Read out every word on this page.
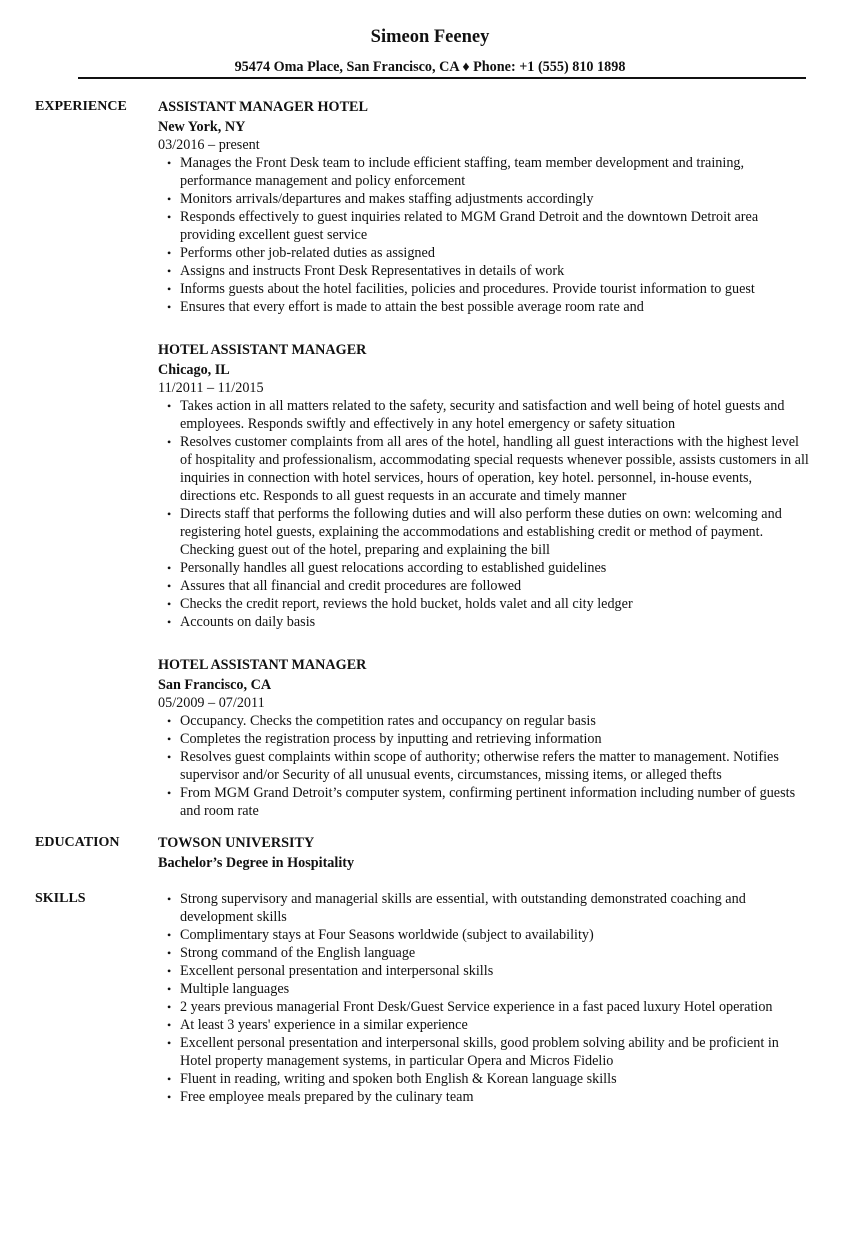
Simeon Feeney
95474 Oma Place, San Francisco, CA ♦ Phone: +1 (555) 810 1898
EXPERIENCE ASSISTANT MANAGER HOTEL
New York, NY
03/2016 – present
• Manages the Front Desk team to include efficient staffing, team member development and training, performance management and policy enforcement
• Monitors arrivals/departures and makes staffing adjustments accordingly
• Responds effectively to guest inquiries related to MGM Grand Detroit and the downtown Detroit area providing excellent guest service
• Performs other job-related duties as assigned
• Assigns and instructs Front Desk Representatives in details of work
• Informs guests about the hotel facilities, policies and procedures. Provide tourist information to guest
• Ensures that every effort is made to attain the best possible average room rate and
HOTEL ASSISTANT MANAGER
Chicago, IL
11/2011 – 11/2015
• Takes action in all matters related to the safety, security and satisfaction and well being of hotel guests and employees. Responds swiftly and effectively in any hotel emergency or safety situation
• Resolves customer complaints from all ares of the hotel, handling all guest interactions with the highest level of hospitality and professionalism, accommodating special requests whenever possible, assists customers in all inquiries in connection with hotel services, hours of operation, key hotel. personnel, in-house events, directions etc. Responds to all guest requests in an accurate and timely manner
• Directs staff that performs the following duties and will also perform these duties on own: welcoming and registering hotel guests, explaining the accommodations and establishing credit or method of payment. Checking guest out of the hotel, preparing and explaining the bill
• Personally handles all guest relocations according to established guidelines
• Assures that all financial and credit procedures are followed
• Checks the credit report, reviews the hold bucket, holds valet and all city ledger
• Accounts on daily basis
HOTEL ASSISTANT MANAGER
San Francisco, CA
05/2009 – 07/2011
• Occupancy. Checks the competition rates and occupancy on regular basis
• Completes the registration process by inputting and retrieving information
• Resolves guest complaints within scope of authority; otherwise refers the matter to management. Notifies supervisor and/or Security of all unusual events, circumstances, missing items, or alleged thefts
• From MGM Grand Detroit’s computer system, confirming pertinent information including number of guests and room rate
EDUCATION	TOWSON UNIVERSITY
Bachelor’s Degree in Hospitality
SKILLS	• Strong supervisory and managerial skills are essential, with outstanding demonstrated coaching and development skills
• Complimentary stays at Four Seasons worldwide (subject to availability)
• Strong command of the English language
• Excellent personal presentation and interpersonal skills
• Multiple languages
• 2 years previous managerial Front Desk/Guest Service experience in a fast paced luxury Hotel operation
• At least 3 years' experience in a similar experience
• Excellent personal presentation and interpersonal skills, good problem solving ability and be proficient in Hotel property management systems, in particular Opera and Micros Fidelio
• Fluent in reading, writing and spoken both English & Korean language skills
• Free employee meals prepared by the culinary team
